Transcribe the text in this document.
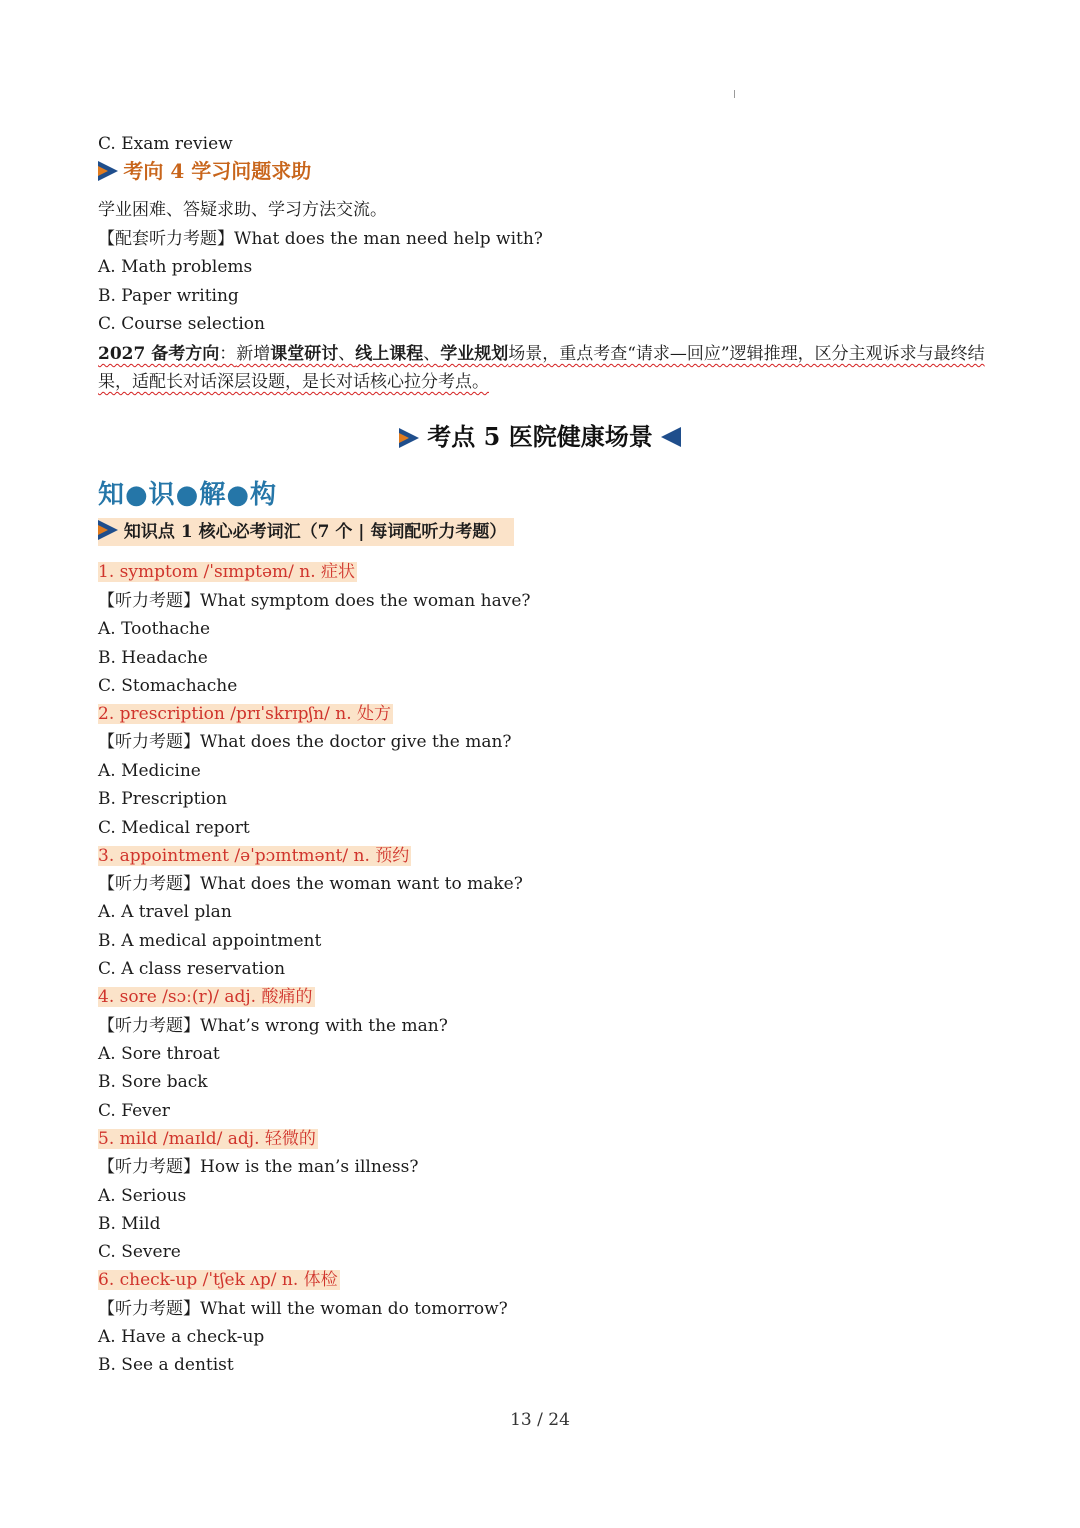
C. Exam review
考向 4 学习问题求助
学业困难、答疑求助、学习方法交流。
【配套听力考题】What does the man need help with?
A. Math problems
B. Paper writing
C. Course selection
2027 备考方向：新增课堂研讨、线上课程、学业规划场景，重点考查“请求—回应”逻辑推理，区分主观诉求与最终结果，适配长对话深层设题，是长对话核心拉分考点。
考点 5 医院健康场景
知●识●解●构
知识点 1 核心必考词汇（7 个 | 每词配听力考题）
1. symptom /ˈsɪmptəm/ n. 症状
【听力考题】What symptom does the woman have?
A. Toothache
B. Headache
C. Stomachache
2. prescription /prɪˈskrɪpʃn/ n. 处方
【听力考题】What does the doctor give the man?
A. Medicine
B. Prescription
C. Medical report
3. appointment /əˈpɔɪntmənt/ n. 预约
【听力考题】What does the woman want to make?
A. A travel plan
B. A medical appointment
C. A class reservation
4. sore /sɔː(r)/ adj. 酸痛的
【听力考题】What’s wrong with the man?
A. Sore throat
B. Sore back
C. Fever
5. mild /maɪld/ adj. 轻微的
【听力考题】How is the man’s illness?
A. Serious
B. Mild
C. Severe
6. check-up /ˈtʃek ʌp/ n. 体检
【听力考题】What will the woman do tomorrow?
A. Have a check-up
B. See a dentist
13 / 24
